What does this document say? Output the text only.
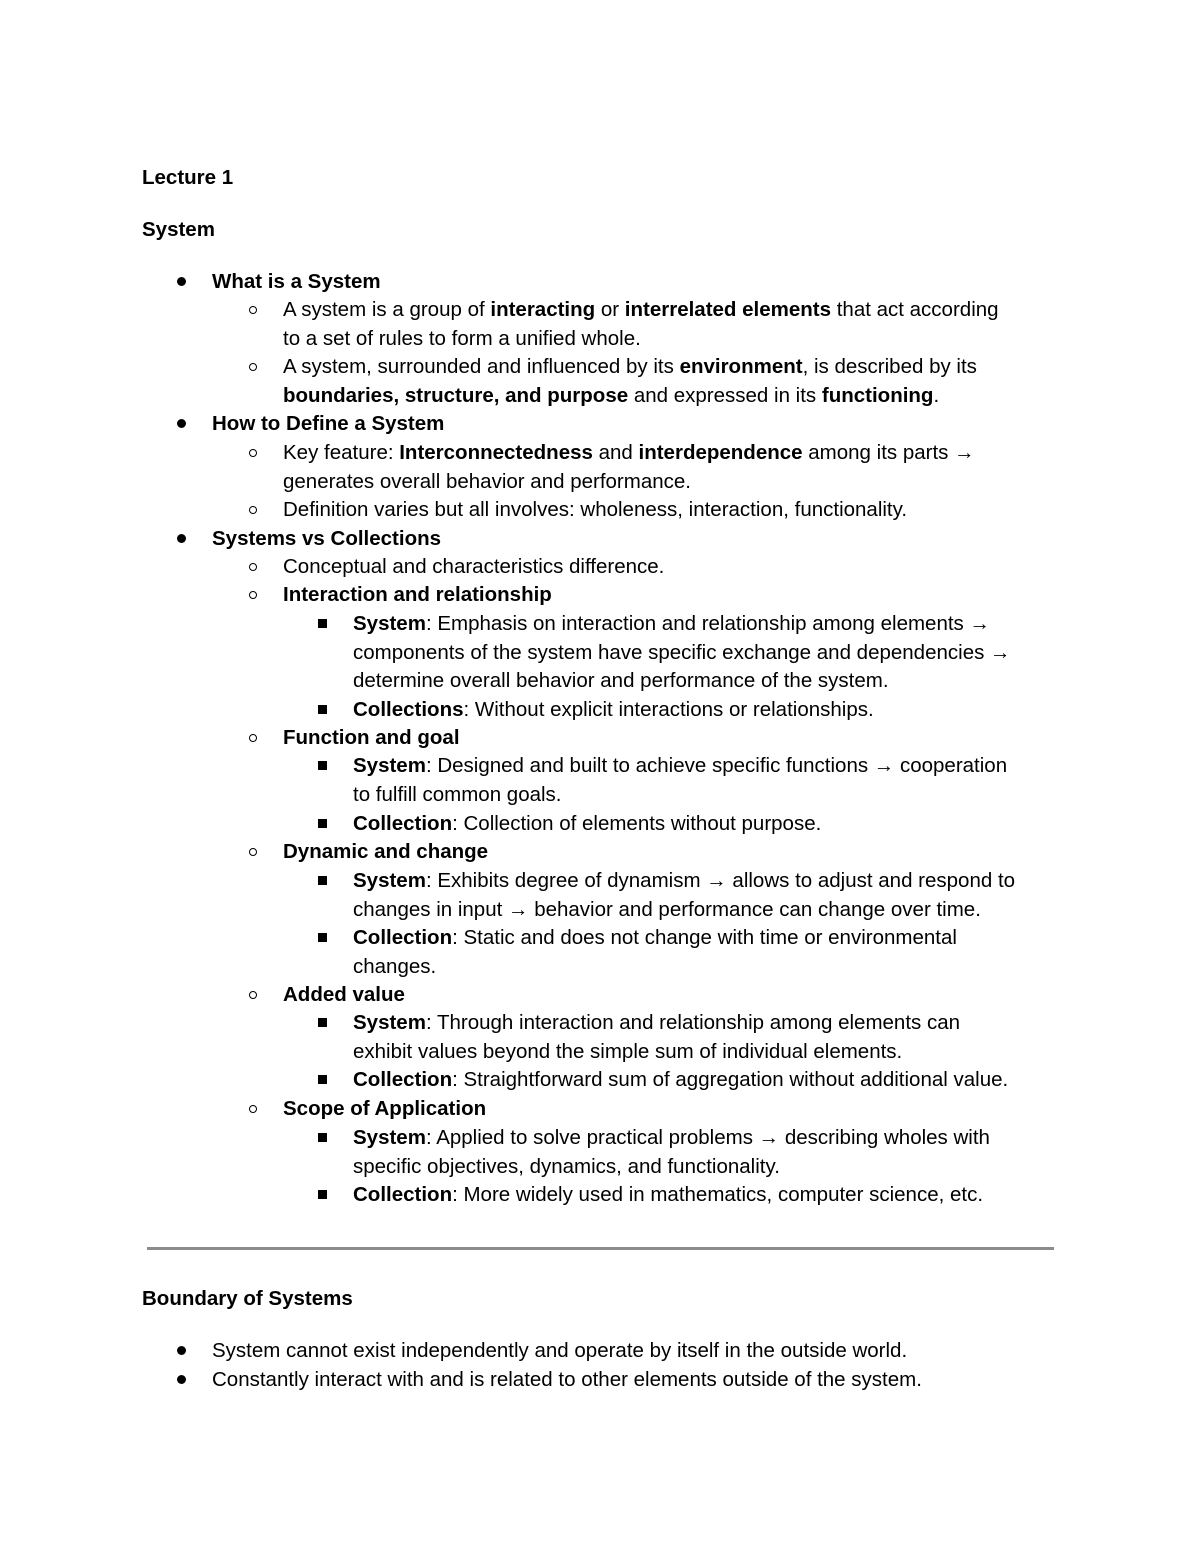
Lecture 1
System
What is a System
A system is a group of interacting or interrelated elements that act according
to a set of rules to form a unified whole.
A system, surrounded and influenced by its environment, is described by its
boundaries, structure, and purpose and expressed in its functioning.
How to Define a System
Key feature: Interconnectedness and interdependence among its parts →
generates overall behavior and performance.
Definition varies but all involves: wholeness, interaction, functionality.
Systems vs Collections
Conceptual and characteristics difference.
Interaction and relationship
System: Emphasis on interaction and relationship among elements →
components of the system have specific exchange and dependencies →
determine overall behavior and performance of the system.
Collections: Without explicit interactions or relationships.
Function and goal
System: Designed and built to achieve specific functions → cooperation
to fulfill common goals.
Collection: Collection of elements without purpose.
Dynamic and change
System: Exhibits degree of dynamism → allows to adjust and respond to
changes in input → behavior and performance can change over time.
Collection: Static and does not change with time or environmental
changes.
Added value
System: Through interaction and relationship among elements can
exhibit values beyond the simple sum of individual elements.
Collection: Straightforward sum of aggregation without additional value.
Scope of Application
System: Applied to solve practical problems → describing wholes with
specific objectives, dynamics, and functionality.
Collection: More widely used in mathematics, computer science, etc.
Boundary of Systems
System cannot exist independently and operate by itself in the outside world.
Constantly interact with and is related to other elements outside of the system.
